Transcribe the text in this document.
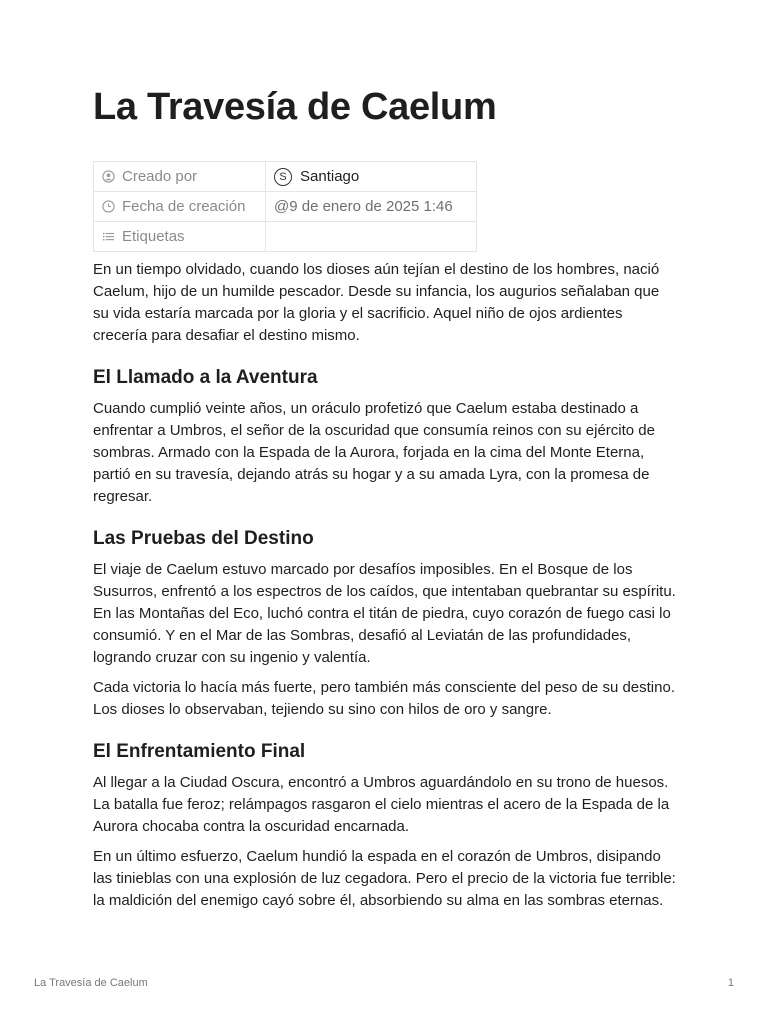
La Travesía de Caelum
Creado por	S Santiago
Fecha de creación	@9 de enero de 2025 1:46
Etiquetas	

En un tiempo olvidado, cuando los dioses aún tejían el destino de los hombres, nació Caelum, hijo de un humilde pescador. Desde su infancia, los augurios señalaban que su vida estaría marcada por la gloria y el sacrificio. Aquel niño de ojos ardientes crecería para desafiar el destino mismo.

El Llamado a la Aventura

Cuando cumplió veinte años, un oráculo profetizó que Caelum estaba destinado a enfrentar a Umbros, el señor de la oscuridad que consumía reinos con su ejército de sombras. Armado con la Espada de la Aurora, forjada en la cima del Monte Eterna, partió en su travesía, dejando atrás su hogar y a su amada Lyra, con la promesa de regresar.

Las Pruebas del Destino

El viaje de Caelum estuvo marcado por desafíos imposibles. En el Bosque de los Susurros, enfrentó a los espectros de los caídos, que intentaban quebrantar su espíritu. En las Montañas del Eco, luchó contra el titán de piedra, cuyo corazón de fuego casi lo consumió. Y en el Mar de las Sombras, desafió al Leviatán de las profundidades, logrando cruzar con su ingenio y valentía.

Cada victoria lo hacía más fuerte, pero también más consciente del peso de su destino. Los dioses lo observaban, tejiendo su sino con hilos de oro y sangre.

El Enfrentamiento Final

Al llegar a la Ciudad Oscura, encontró a Umbros aguardándolo en su trono de huesos. La batalla fue feroz; relámpagos rasgaron el cielo mientras el acero de la Espada de la Aurora chocaba contra la oscuridad encarnada.

En un último esfuerzo, Caelum hundió la espada en el corazón de Umbros, disipando las tinieblas con una explosión de luz cegadora. Pero el precio de la victoria fue terrible: la maldición del enemigo cayó sobre él, absorbiendo su alma en las sombras eternas.

La Travesía de Caelum	1
